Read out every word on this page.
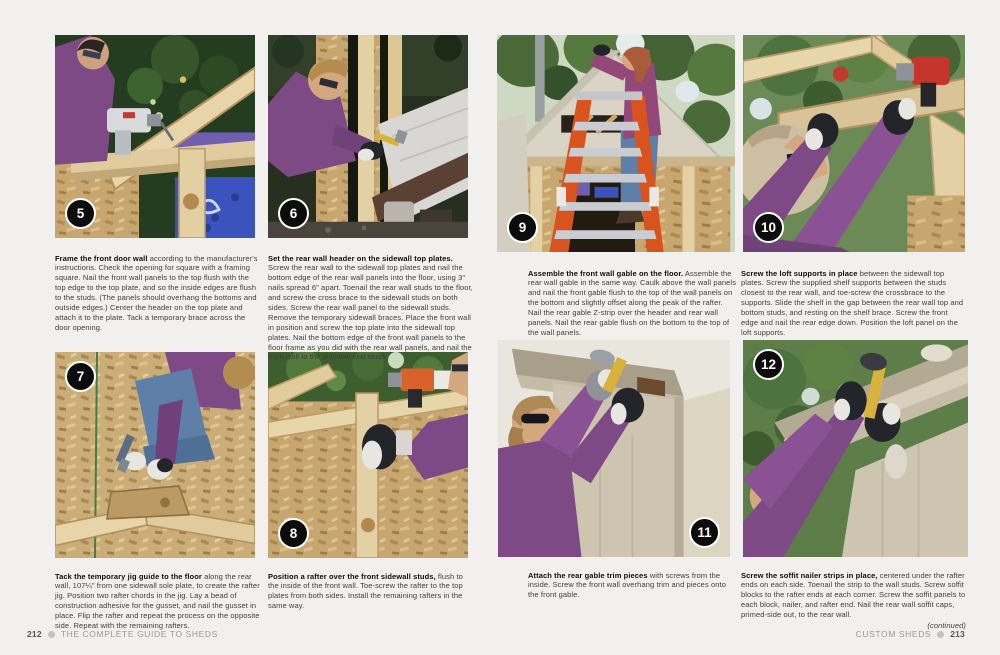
5	6
7
8
9	10
11
12

Frame the front door wall according to the manufacturer's instructions. Check the opening for square with a framing square. Nail the front wall panels to the top flush with the top edge to the top plate, and so the inside edges are flush to the studs. (The panels should overhang the bottoms and outside edges.) Center the header on the top plate and attach it to the plate. Tack a temporary brace across the door opening.

Set the rear wall header on the sidewall top plates. Screw the rear wall to the sidewall top plates and nail the bottom edge of the rear wall panels into the floor, using 3" nails spread 6" apart. Toenail the rear wall studs to the floor, and screw the cross brace to the sidewall studs on both sides. Screw the rear wall panel to the sidewall studs. Remove the temporary sidewall braces. Place the front wall in position and screw the top plate into the sidewall top plates. Nail the bottom edge of the front wall panels to the floor frame as you did with the rear wall panels, and nail the front wall to the sidewall end studs.

Tack the temporary jig guide to the floor along the rear wall, 107¼" from one sidewall sole plate, to create the rafter jig. Position two rafter chords in the jig. Lay a bead of construction adhesive for the gusset, and nail the gusset in place. Flip the rafter and repeat the process on the opposite side. Repeat with the remaining rafters.

Position a rafter over the front sidewall studs, flush to the inside of the front wall. Toe-screw the rafter to the top plates from both sides. Install the remaining rafters in the same way.

Assemble the front wall gable on the floor. Assemble the rear wall gable in the same way. Caulk above the wall panels and nail the front gable flush to the top of the wall panels on the bottom and slightly offset along the peak of the rafter. Nail the rear gable Z-strip over the header and rear wall panels. Nail the rear gable flush on the bottom to the top of the wall panels.

Screw the loft supports in place between the sidewall top plates. Screw the supplied shelf supports between the studs closest to the rear wall, and toe-screw the crossbrace to the supports. Slide the shelf in the gap between the rear wall top and bottom studs, and resting on the shelf brace. Screw the front edge and nail the rear edge down. Position the loft panel on the loft supports.

Attach the rear gable trim pieces with screws from the inside. Screw the front wall overhang trim and pieces onto the front gable.

Screw the soffit nailer strips in place, centered under the rafter ends on each side. Toenail the strip to the wall studs. Screw soffit blocks to the rafter ends at each corner. Screw the soffit panels to each block, nailer, and rafter end. Nail the rear wall soffit caps, primed-side out, to the rear wall.
(continued)

212 THE COMPLETE GUIDE TO SHEDS	CUSTOM SHEDS 213
